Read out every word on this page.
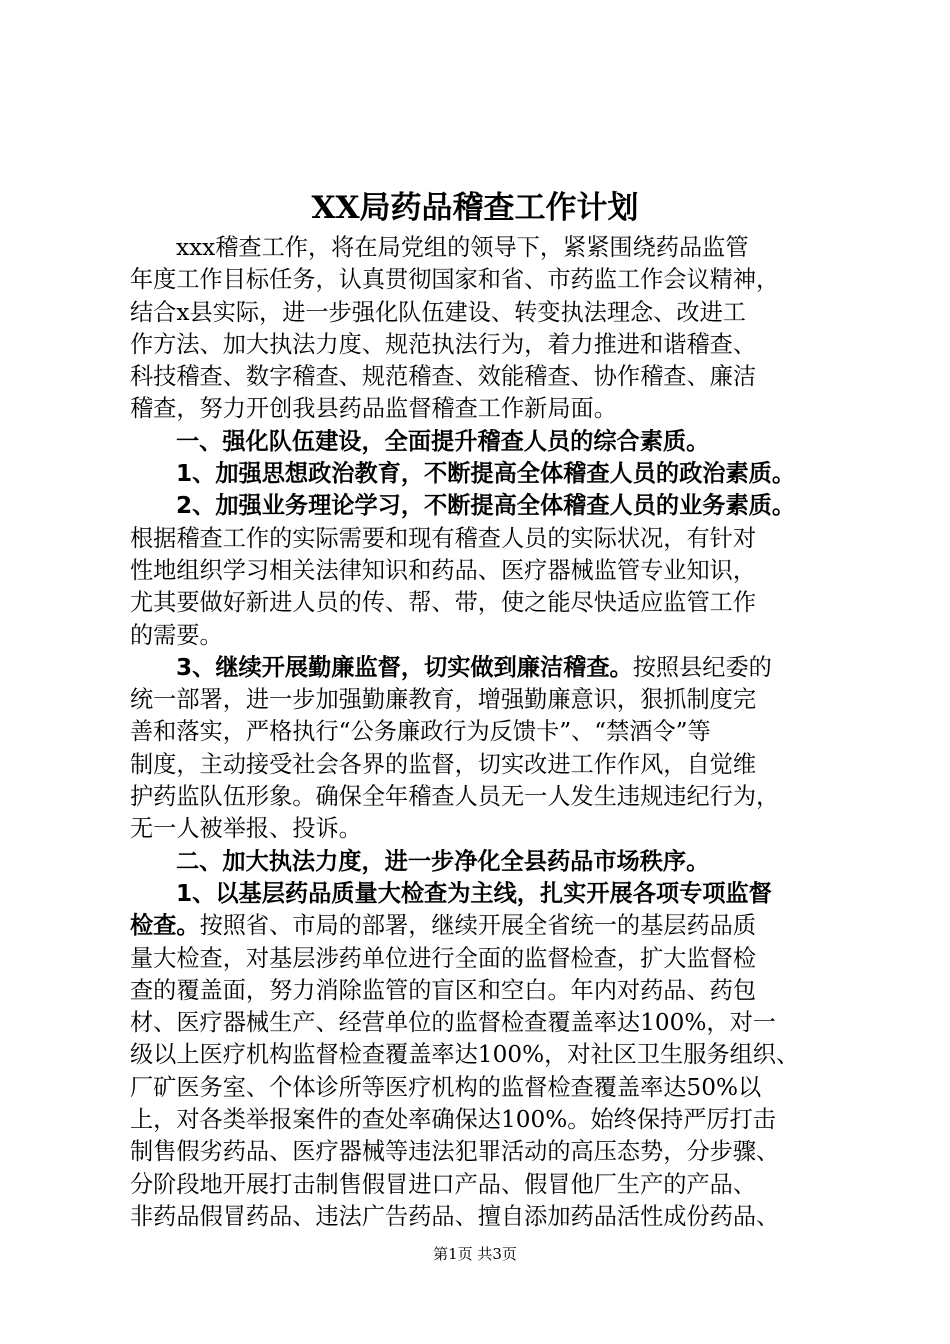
XX局药品稽查工作计划

xxx稽查工作，将在局党组的领导下，紧紧围绕药品监管

年度工作目标任务，认真贯彻国家和省、市药监工作会议精神，

结合x县实际，进一步强化队伍建设、转变执法理念、改进工

作方法、加大执法力度、规范执法行为，着力推进和谐稽查、

科技稽查、数字稽查、规范稽查、效能稽查、协作稽查、廉洁

稽查，努力开创我县药品监督稽查工作新局面。

一、强化队伍建设，全面提升稽查人员的综合素质。

1、加强思想政治教育，不断提高全体稽查人员的政治素质。

2、加强业务理论学习，不断提高全体稽查人员的业务素质。

根据稽查工作的实际需要和现有稽查人员的实际状况，有针对

性地组织学习相关法律知识和药品、医疗器械监管专业知识，

尤其要做好新进人员的传、帮、带，使之能尽快适应监管工作

的需要。

3、继续开展勤廉监督，切实做到廉洁稽查。按照县纪委的

统一部署，进一步加强勤廉教育，增强勤廉意识，狠抓制度完

善和落实，严格执行“公务廉政行为反馈卡”、“禁酒令”等

制度，主动接受社会各界的监督，切实改进工作作风，自觉维

护药监队伍形象。确保全年稽查人员无一人发生违规违纪行为，

无一人被举报、投诉。

二、加大执法力度，进一步净化全县药品市场秩序。

1、以基层药品质量大检查为主线，扎实开展各项专项监督

检查。按照省、市局的部署，继续开展全省统一的基层药品质

量大检查，对基层涉药单位进行全面的监督检查，扩大监督检

查的覆盖面，努力消除监管的盲区和空白。年内对药品、药包

材、医疗器械生产、经营单位的监督检查覆盖率达100%，对一

级以上医疗机构监督检查覆盖率达100%，对社区卫生服务组织、

厂矿医务室、个体诊所等医疗机构的监督检查覆盖率达50%以

上，对各类举报案件的查处率确保达100%。始终保持严厉打击

制售假劣药品、医疗器械等违法犯罪活动的高压态势，分步骤、

分阶段地开展打击制售假冒进口产品、假冒他厂生产的产品、

非药品假冒药品、违法广告药品、擅自添加药品活性成份药品、

第1页 共3页
